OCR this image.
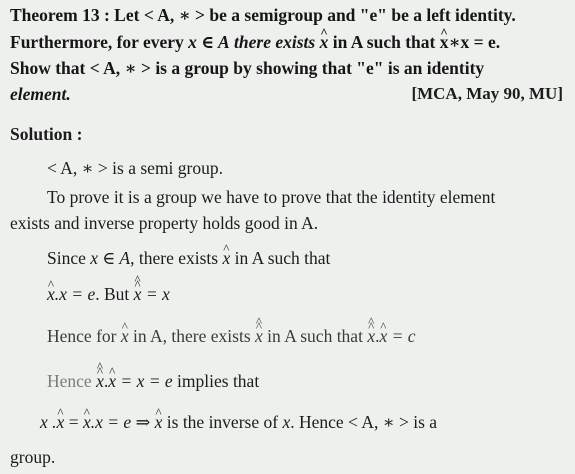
Theorem 13 : Let < A, ∗ > be a semigroup and "e" be a left identity.
Furthermore, for every x ∈ A there exists ^ x in A such that ^ x∗x = e.
Show that < A, ∗ > is a group by showing that "e" is an identity
element.	[MCA, May 90, MU]
Solution :
< A, ∗ > is a semi group.
To prove it is a group we have to prove that the identity element
exists and inverse property holds good in A.
Since x ∈ A, there exists ^ x in A such that
^ x.x = e. But ^ x ^ = x
Hence for ^ x in A, there exists ^ x ^ in A such that ^ x ^.^ x = c
Hence ^ x ^.^ x = x = e implies that
x .^ x = ^ x.x = e ⇒ ^ x is the inverse of x. Hence < A, ∗ > is a
group.
